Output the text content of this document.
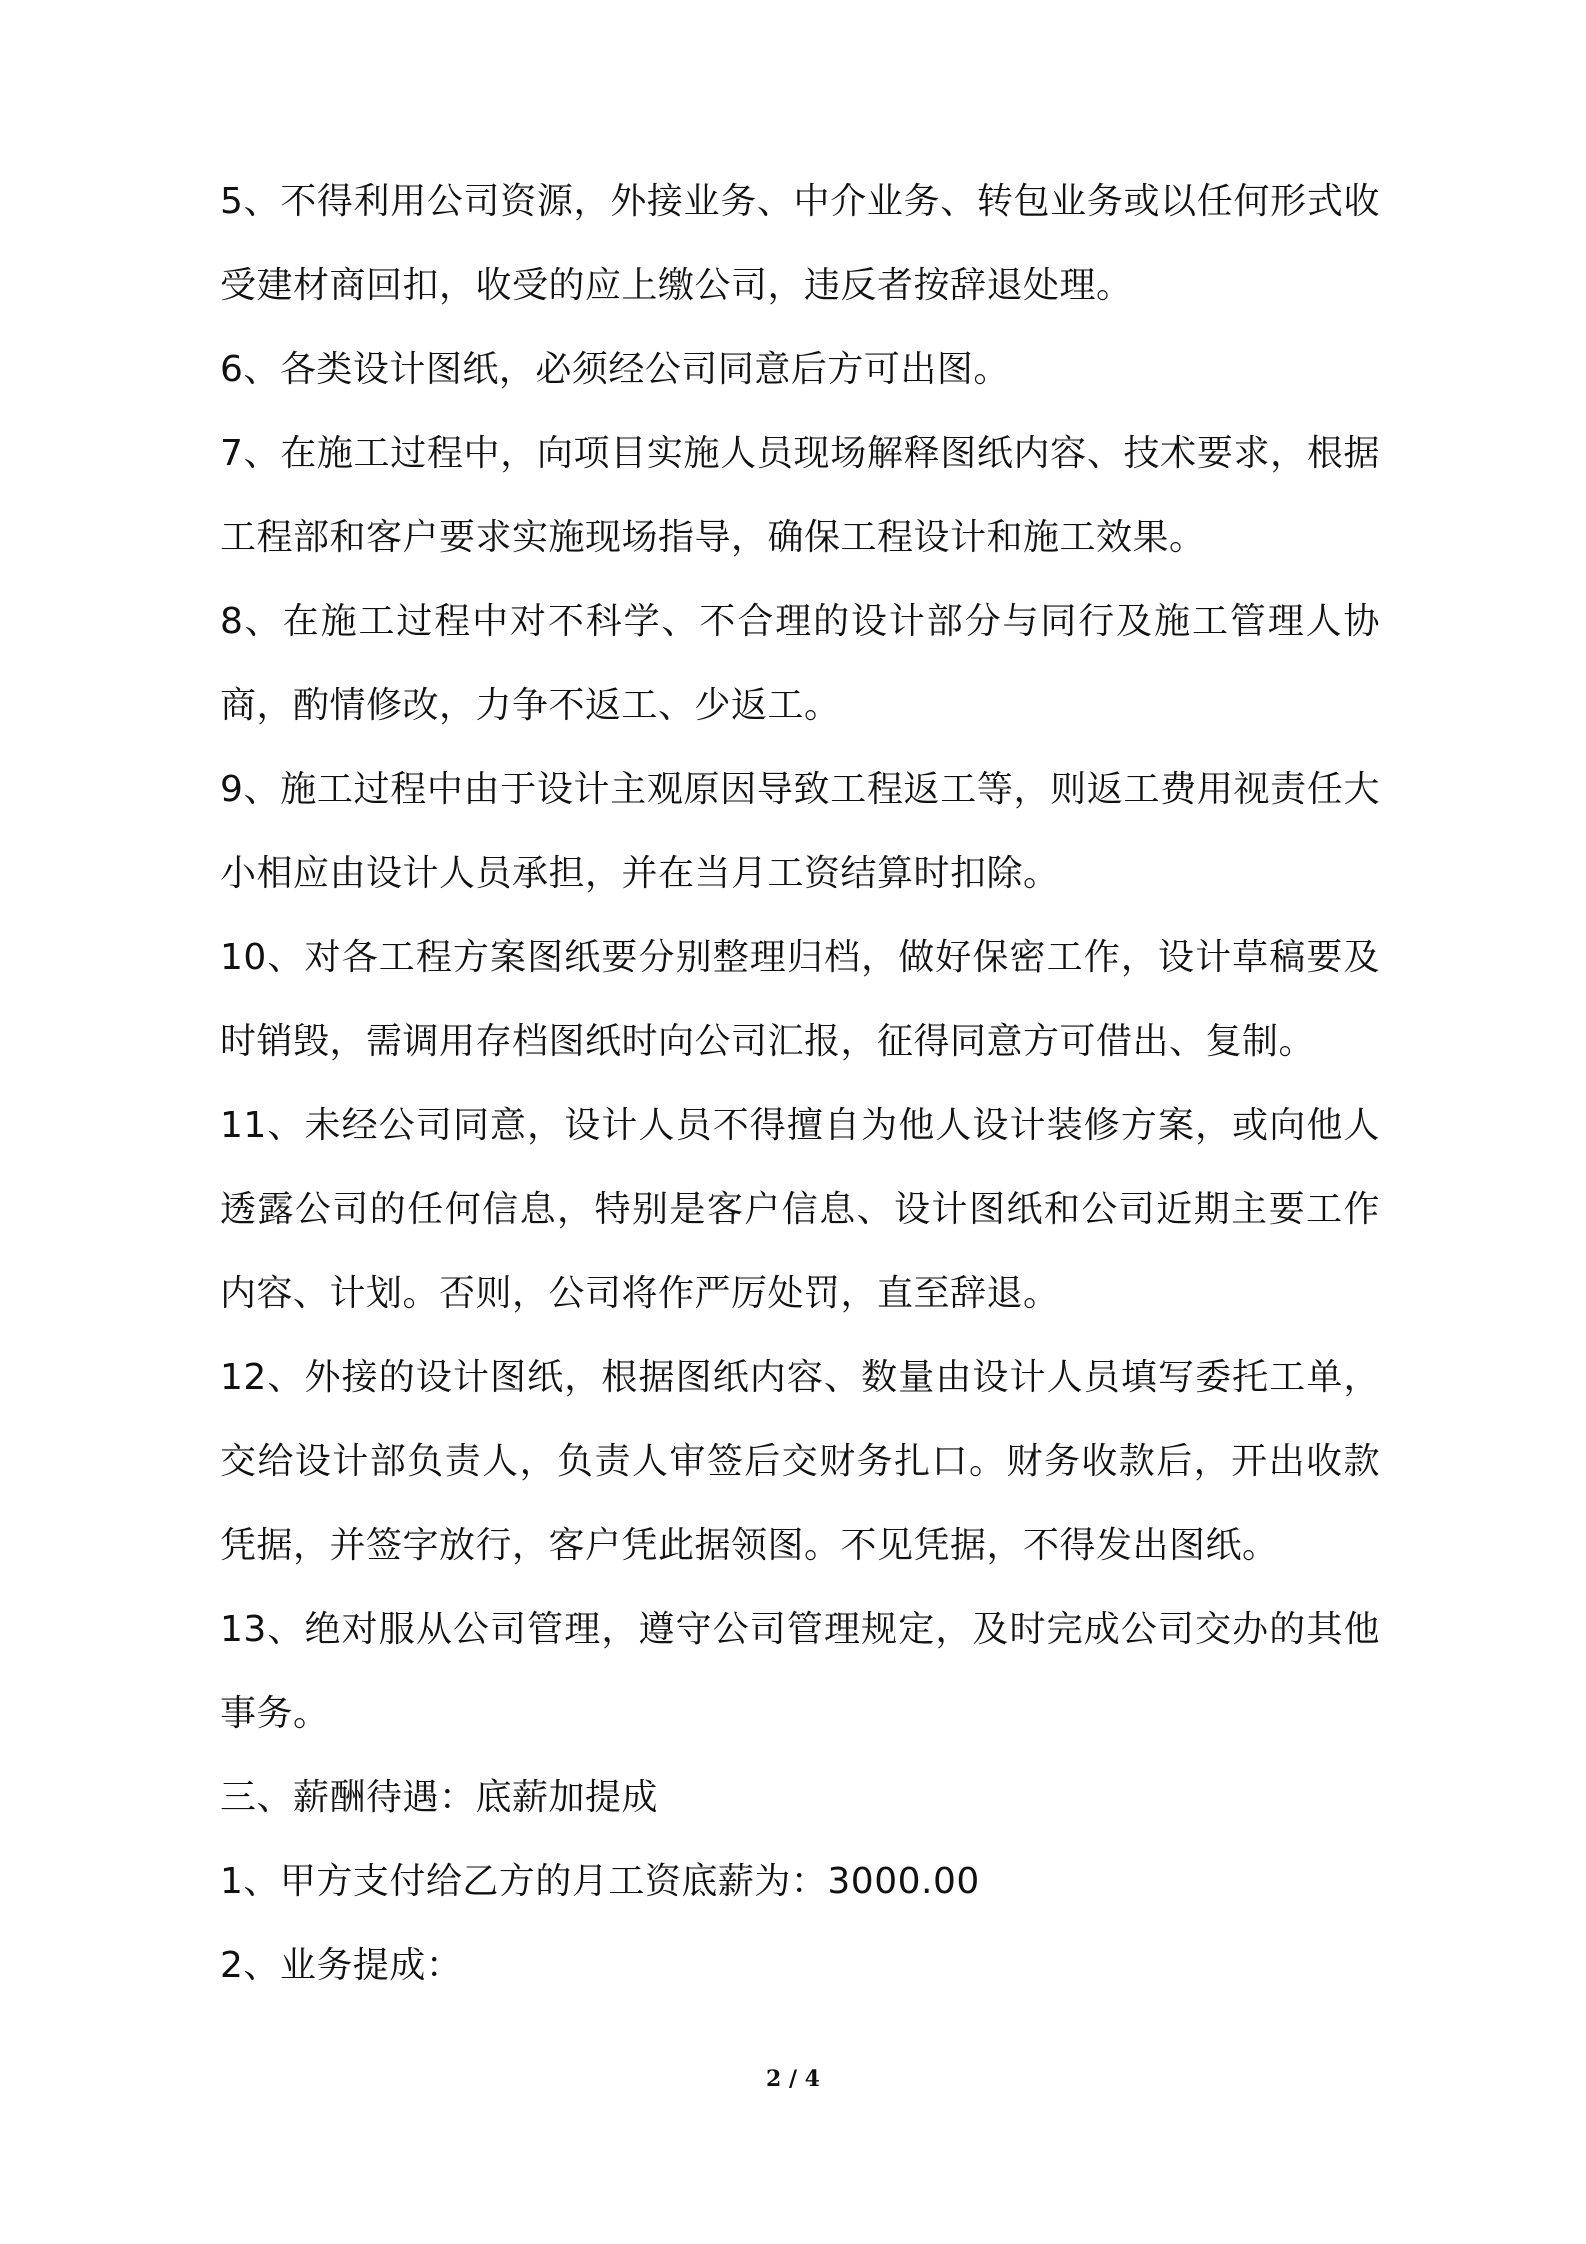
5、不得利用公司资源，外接业务、中介业务、转包业务或以任何形式收受建材商回扣，收受的应上缴公司，违反者按辞退处理。

6、各类设计图纸，必须经公司同意后方可出图。

7、在施工过程中，向项目实施人员现场解释图纸内容、技术要求，根据工程部和客户要求实施现场指导，确保工程设计和施工效果。

8、在施工过程中对不科学、不合理的设计部分与同行及施工管理人协商，酌情修改，力争不返工、少返工。

9、施工过程中由于设计主观原因导致工程返工等，则返工费用视责任大小相应由设计人员承担，并在当月工资结算时扣除。

10、对各工程方案图纸要分别整理归档，做好保密工作，设计草稿要及时销毁，需调用存档图纸时向公司汇报，征得同意方可借出、复制。

11、未经公司同意，设计人员不得擅自为他人设计装修方案，或向他人透露公司的任何信息，特别是客户信息、设计图纸和公司近期主要工作内容、计划。否则，公司将作严厉处罚，直至辞退。

12、外接的设计图纸，根据图纸内容、数量由设计人员填写委托工单，交给设计部负责人，负责人审签后交财务扎口。财务收款后，开出收款凭据，并签字放行，客户凭此据领图。不见凭据，不得发出图纸。

13、绝对服从公司管理，遵守公司管理规定，及时完成公司交办的其他事务。

三、薪酬待遇：底薪加提成

1、甲方支付给乙方的月工资底薪为：3000.00

2、业务提成：

2 / 4
